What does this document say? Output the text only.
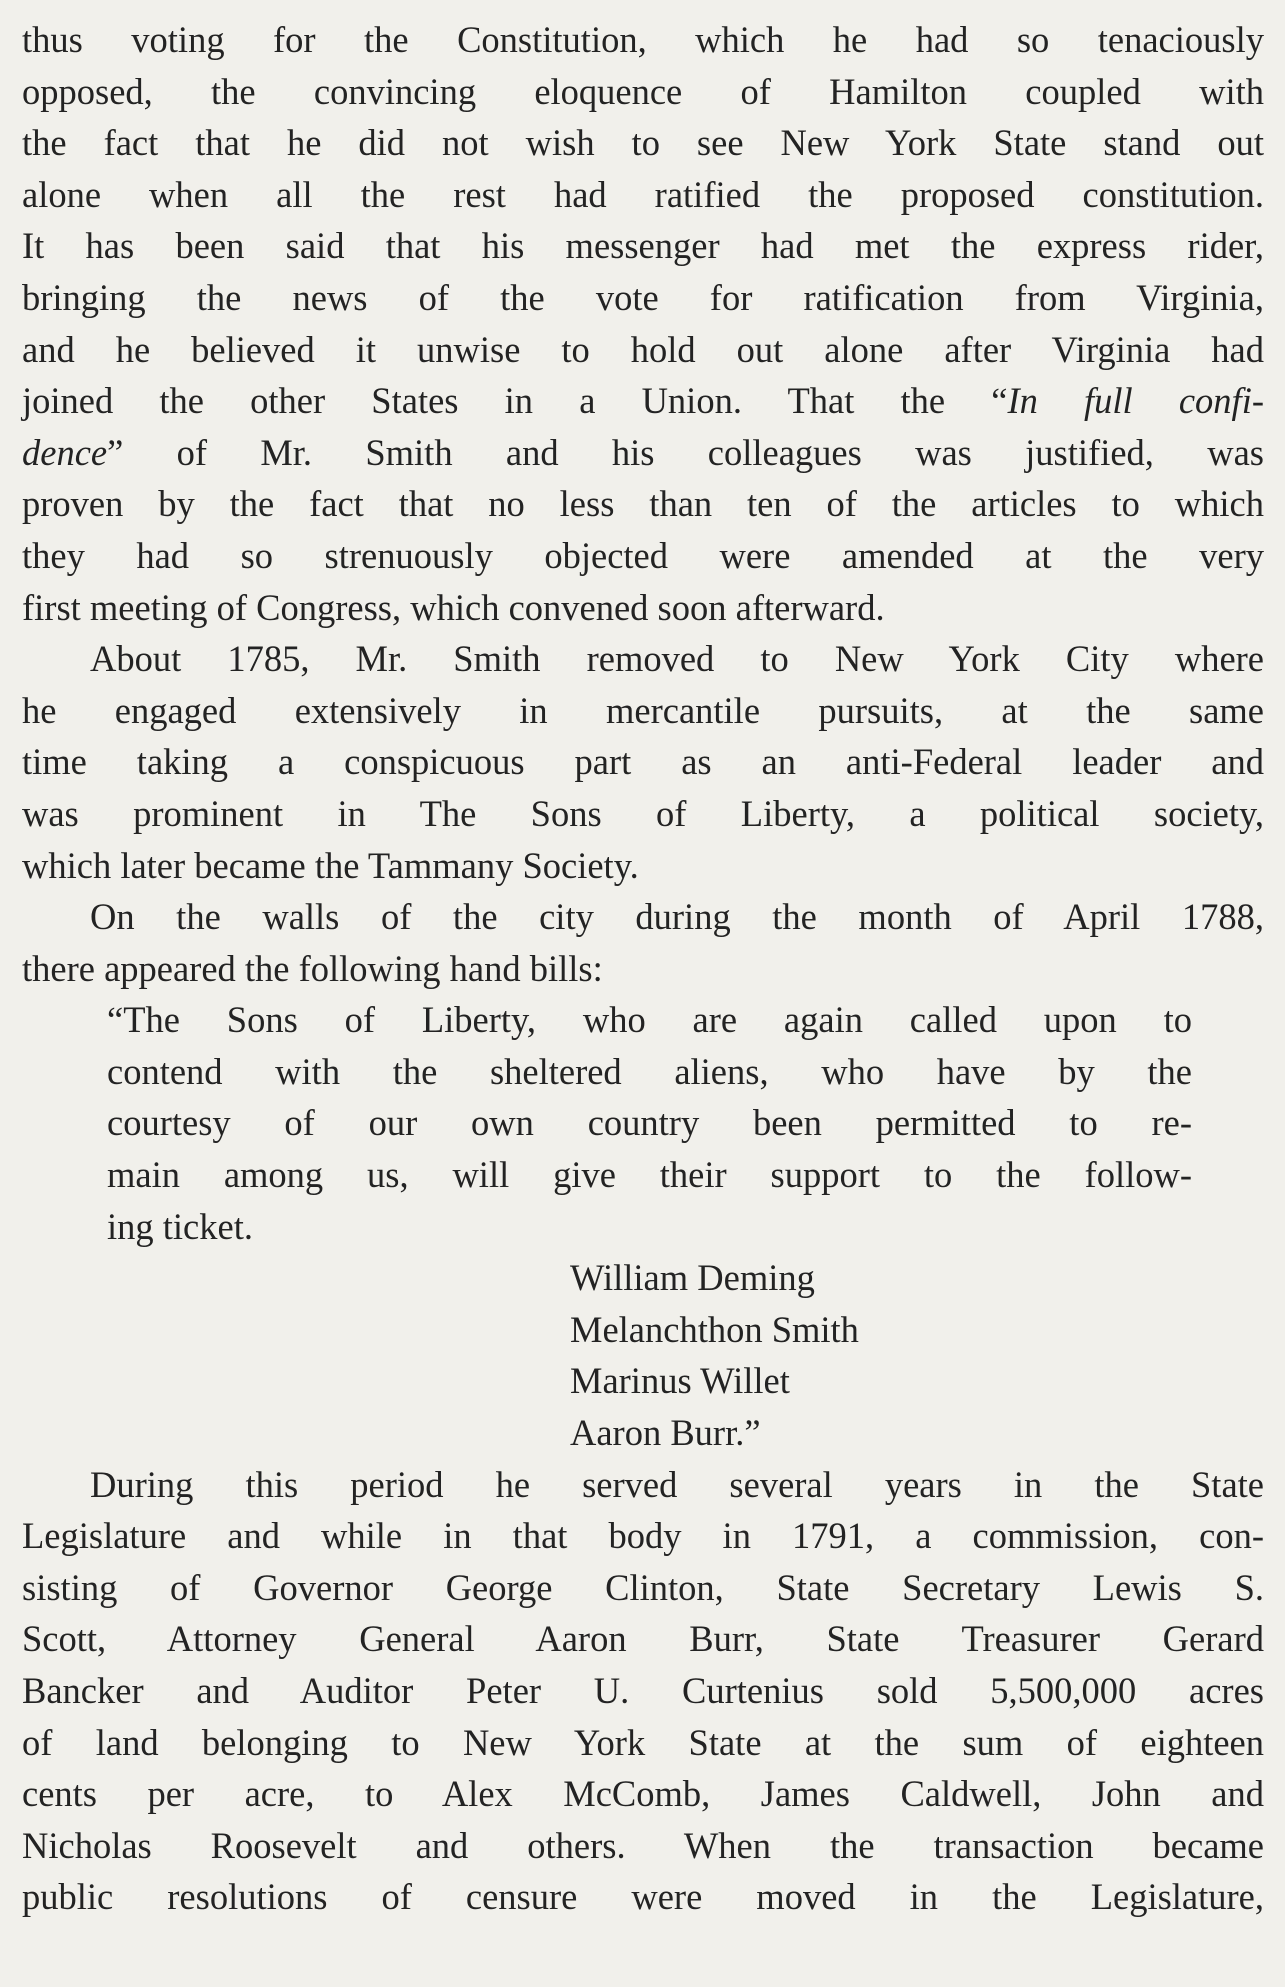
thus voting for the Constitution, which he had so tenaciously
opposed, the convincing eloquence of Hamilton coupled with
the fact that he did not wish to see New York State stand out
alone when all the rest had ratified the proposed constitution.
It has been said that his messenger had met the express rider,
bringing the news of the vote for ratification from Virginia,
and he believed it unwise to hold out alone after Virginia had
joined the other States in a Union. That the “In full confi-
dence” of Mr. Smith and his colleagues was justified, was
proven by the fact that no less than ten of the articles to which
they had so strenuously objected were amended at the very
first meeting of Congress, which convened soon afterward.
About 1785, Mr. Smith removed to New York City where
he engaged extensively in mercantile pursuits, at the same
time taking a conspicuous part as an anti-Federal leader and
was prominent in The Sons of Liberty, a political society,
which later became the Tammany Society.
On the walls of the city during the month of April 1788,
there appeared the following hand bills:
“The Sons of Liberty, who are again called upon to
contend with the sheltered aliens, who have by the
courtesy of our own country been permitted to re-
main among us, will give their support to the follow-
ing ticket.
William Deming
Melanchthon Smith
Marinus Willet
Aaron Burr.”
During this period he served several years in the State
Legislature and while in that body in 1791, a commission, con-
sisting of Governor George Clinton, State Secretary Lewis S.
Scott, Attorney General Aaron Burr, State Treasurer Gerard
Bancker and Auditor Peter U. Curtenius sold 5,500,000 acres
of land belonging to New York State at the sum of eighteen
cents per acre, to Alex McComb, James Caldwell, John and
Nicholas Roosevelt and others. When the transaction became
public resolutions of censure were moved in the Legislature,
